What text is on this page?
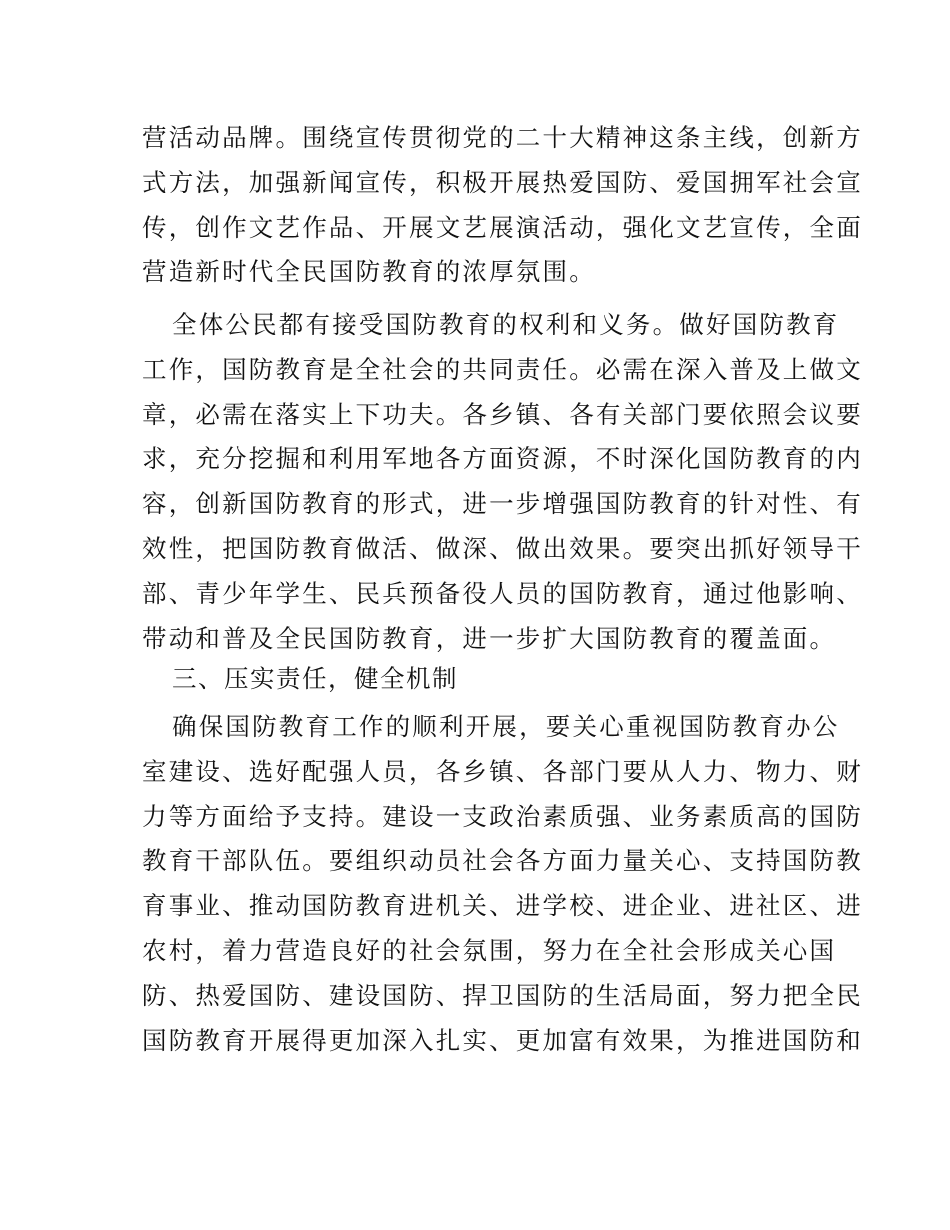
营活动品牌。围绕宣传贯彻党的二十大精神这条主线，创新方
式方法，加强新闻宣传，积极开展热爱国防、爱国拥军社会宣
传，创作文艺作品、开展文艺展演活动，强化文艺宣传，全面
营造新时代全民国防教育的浓厚氛围。
全体公民都有接受国防教育的权利和义务。做好国防教育
工作，国防教育是全社会的共同责任。必需在深入普及上做文
章，必需在落实上下功夫。各乡镇、各有关部门要依照会议要
求，充分挖掘和利用军地各方面资源，不时深化国防教育的内
容，创新国防教育的形式，进一步增强国防教育的针对性、有
效性，把国防教育做活、做深、做出效果。要突出抓好领导干
部、青少年学生、民兵预备役人员的国防教育，通过他影响、
带动和普及全民国防教育，进一步扩大国防教育的覆盖面。
三、压实责任，健全机制
确保国防教育工作的顺利开展，要关心重视国防教育办公
室建设、选好配强人员，各乡镇、各部门要从人力、物力、财
力等方面给予支持。建设一支政治素质强、业务素质高的国防
教育干部队伍。要组织动员社会各方面力量关心、支持国防教
育事业、推动国防教育进机关、进学校、进企业、进社区、进
农村，着力营造良好的社会氛围，努力在全社会形成关心国
防、热爱国防、建设国防、捍卫国防的生活局面，努力把全民
国防教育开展得更加深入扎实、更加富有效果，为推进国防和
